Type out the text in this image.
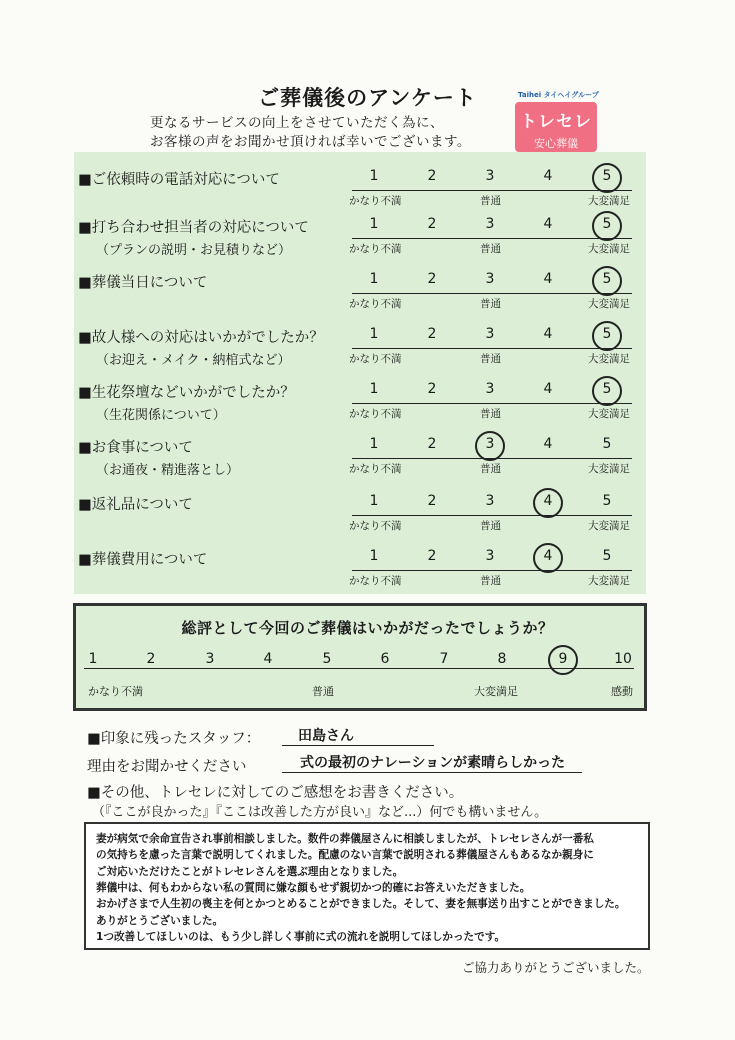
ご葬儀後のアンケート
更なるサービスの向上をさせていただく為に、
お客様の声をお聞かせ頂ければ幸いでございます。
Taihei タイヘイグループ
トレセレ
安心葬儀
■ご依頼時の電話対応について	1	2	3	4	5
かなり不満	普通	大変満足
■打ち合わせ担当者の対応について
（プランの説明・お見積りなど）
1	2	3	4	5
かなり不満	普通	大変満足
■葬儀当日について	1	2	3	4	5
かなり不満	普通	大変満足
■故人様への対応はいかがでしたか？
（お迎え・メイク・納棺式など）
1	2	3	4	5
かなり不満	普通	大変満足
■生花祭壇などいかがでしたか？
（生花関係について）
1	2	3	4	5
かなり不満	普通	大変満足
■お食事について
（お通夜・精進落とし）
1	2	3	4	5
かなり不満	普通	大変満足
■返礼品について	1	2	3	4	5
かなり不満	普通	大変満足
■葬儀費用について	1	2	3	4	5
かなり不満	普通	大変満足
総評として今回のご葬儀はいかがだったでしょうか？
1	2	3	4	5	6	7	8	9	10
かなり不満	普通	大変満足	感動
■印象に残ったスタッフ：	田島さん
理由をお聞かせください	式の最初のナレーションが素晴らしかった
■その他、トレセレに対してのご感想をお書きください。
（『ここが良かった』『ここは改善した方が良い』など...）何でも構いません。
妻が病気で余命宣告され事前相談しました。数件の葬儀屋さんに相談しましたが、トレセレさんが一番私
の気持ちを慮った言葉で説明してくれました。配慮のない言葉で説明される葬儀屋さんもあるなか親身に
ご対応いただけたことがトレセレさんを選ぶ理由となりました。
葬儀中は、何もわからない私の質問に嫌な顔もせず親切かつ的確にお答えいただきました。
おかげさまで人生初の喪主を何とかつとめることができました。そして、妻を無事送り出すことができました。
ありがとうございました。
1つ改善してほしいのは、もう少し詳しく事前に式の流れを説明してほしかったです。
ご協力ありがとうございました。
